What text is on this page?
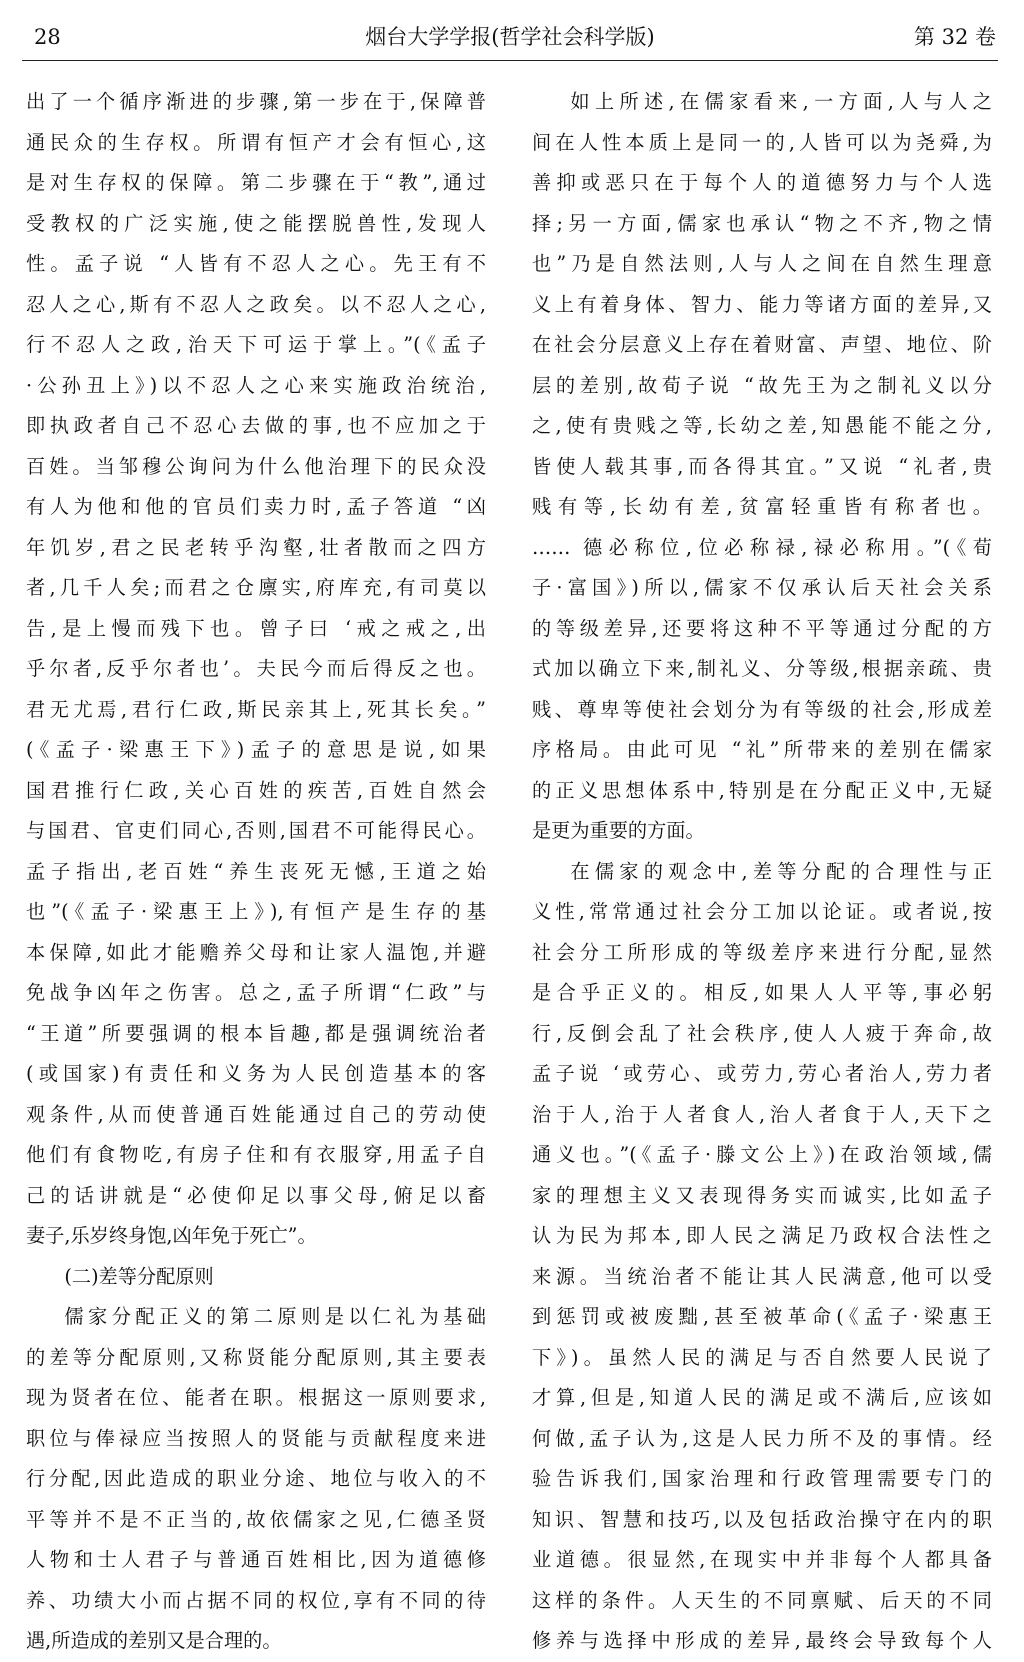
28	烟台大学学报(哲学社会科学版)	第 32 卷
出了一个循序渐进的步骤,第一步在于,保障普
通民众的生存权。所谓有恒产才会有恒心,这
是对生存权的保障。第二步骤在于“教”,通过
受教权的广泛实施,使之能摆脱兽性,发现人
性。孟子说 “人皆有不忍人之心。先王有不
忍人之心,斯有不忍人之政矣。以不忍人之心,
行不忍人之政,治天下可运于掌上。”(《孟子
·公孙丑上》)以不忍人之心来实施政治统治,
即执政者自己不忍心去做的事,也不应加之于
百姓。当邹穆公询问为什么他治理下的民众没
有人为他和他的官员们卖力时,孟子答道 “凶
年饥岁,君之民老转乎沟壑,壮者散而之四方
者,几千人矣;而君之仓廪实,府库充,有司莫以
告,是上慢而残下也。曾子曰 ‘戒之戒之,出
乎尔者,反乎尔者也’。夫民今而后得反之也。
君无尤焉,君行仁政,斯民亲其上,死其长矣。”
(《孟子·梁惠王下》)孟子的意思是说,如果
国君推行仁政,关心百姓的疾苦,百姓自然会
与国君、官吏们同心,否则,国君不可能得民心。
孟子指出,老百姓“养生丧死无憾,王道之始
也”(《孟子·梁惠王上》),有恒产是生存的基
本保障,如此才能赡养父母和让家人温饱,并避
免战争凶年之伤害。总之,孟子所谓“仁政”与
“王道”所要强调的根本旨趣,都是强调统治者
(或国家)有责任和义务为人民创造基本的客
观条件,从而使普通百姓能通过自己的劳动使
他们有食物吃,有房子住和有衣服穿,用孟子自
己的话讲就是“必使仰足以事父母,俯足以畜
妻子,乐岁终身饱,凶年免于死亡”。
(二)差等分配原则
儒家分配正义的第二原则是以仁礼为基础
的差等分配原则,又称贤能分配原则,其主要表
现为贤者在位、能者在职。根据这一原则要求,
职位与俸禄应当按照人的贤能与贡献程度来进
行分配,因此造成的职业分途、地位与收入的不
平等并不是不正当的,故依儒家之见,仁德圣贤
人物和士人君子与普通百姓相比,因为道德修
养、功绩大小而占据不同的权位,享有不同的待
遇,所造成的差别又是合理的。
如上所述,在儒家看来,一方面,人与人之
间在人性本质上是同一的,人皆可以为尧舜,为
善抑或恶只在于每个人的道德努力与个人选
择;另一方面,儒家也承认“物之不齐,物之情
也”乃是自然法则,人与人之间在自然生理意
义上有着身体、智力、能力等诸方面的差异,又
在社会分层意义上存在着财富、声望、地位、阶
层的差别,故荀子说 “故先王为之制礼义以分
之,使有贵贱之等,长幼之差,知愚能不能之分,
皆使人载其事,而各得其宜。”又说 “礼者,贵
贱有等,长幼有差,贫富轻重皆有称者也。
…… 德必称位,位必称禄,禄必称用。”(《荀
子·富国》)所以,儒家不仅承认后天社会关系
的等级差异,还要将这种不平等通过分配的方
式加以确立下来,制礼义、分等级,根据亲疏、贵
贱、尊卑等使社会划分为有等级的社会,形成差
序格局。由此可见 “礼”所带来的差别在儒家
的正义思想体系中,特别是在分配正义中,无疑
是更为重要的方面。
在儒家的观念中,差等分配的合理性与正
义性,常常通过社会分工加以论证。或者说,按
社会分工所形成的等级差序来进行分配,显然
是合乎正义的。相反,如果人人平等,事必躬
行,反倒会乱了社会秩序,使人人疲于奔命,故
孟子说 ‘或劳心、或劳力,劳心者治人,劳力者
治于人,治于人者食人,治人者食于人,天下之
通义也。”(《孟子·滕文公上》)在政治领域,儒
家的理想主义又表现得务实而诚实,比如孟子
认为民为邦本,即人民之满足乃政权合法性之
来源。当统治者不能让其人民满意,他可以受
到惩罚或被废黜,甚至被革命(《孟子·梁惠王
下》)。虽然人民的满足与否自然要人民说了
才算,但是,知道人民的满足或不满后,应该如
何做,孟子认为,这是人民力所不及的事情。经
验告诉我们,国家治理和行政管理需要专门的
知识、智慧和技巧,以及包括政治操守在内的职
业道德。很显然,在现实中并非每个人都具备
这样的条件。人天生的不同禀赋、后天的不同
修养与选择中形成的差异,最终会导致每个人
